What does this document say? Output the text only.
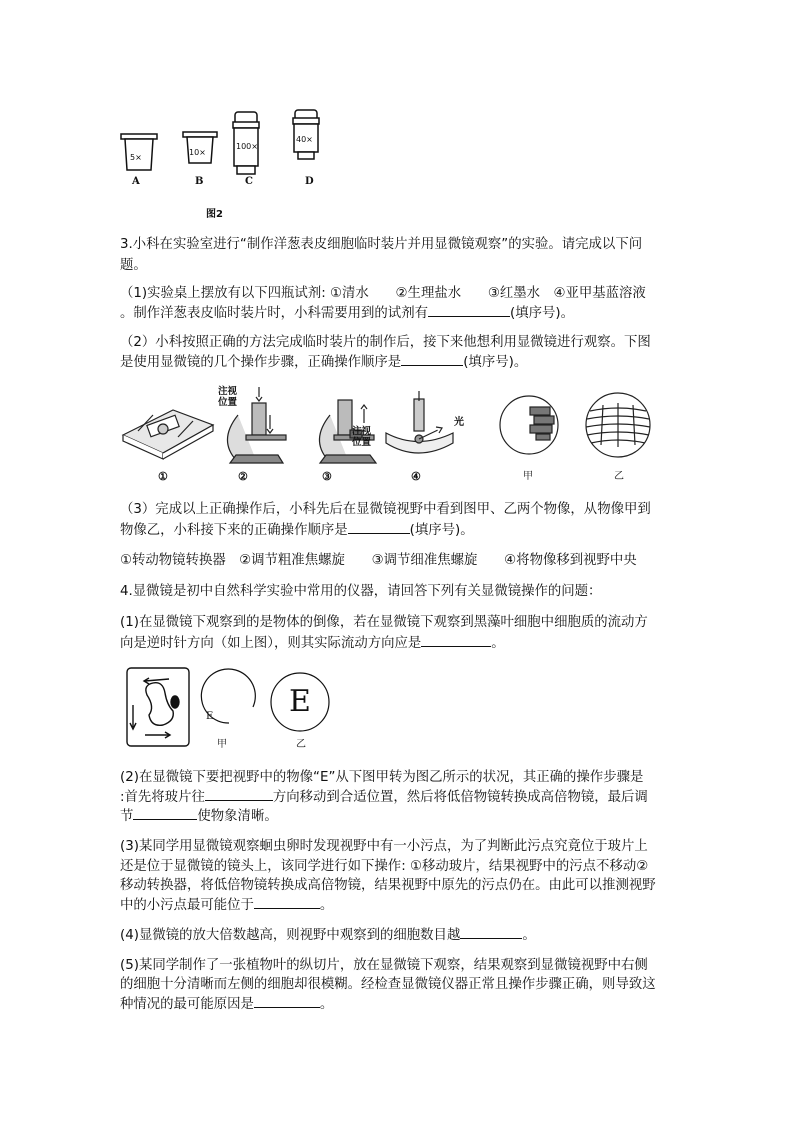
5×
10×
100×
40×
A	B	C	D
图2
3.小科在实验室进行“制作洋葱表皮细胞临时装片并用显微镜观察”的实验。请完成以下问
题。
（1)实验桌上摆放有以下四瓶试剂: ①清水　　②生理盐水　　③红墨水　④亚甲基蓝溶液
。制作洋葱表皮临时装片时，小科需要用到的试剂有	(填序号)。
（2）小科按照正确的方法完成临时装片的制作后，接下来他想利用显微镜进行观察。下图
是使用显微镜的几个操作步骤，正确操作顺序是	(填序号)。
注视
位置
注视
位置
光
①	②	③	④	甲	乙
（3）完成以上正确操作后，小科先后在显微镜视野中看到图甲、乙两个物像，从物像甲到
物像乙，小科接下来的正确操作顺序是	(填序号)。
①转动物镜转换器　②调节粗准焦螺旋　　③调节细准焦螺旋　　④将物像移到视野中央
4.显微镜是初中自然科学实验中常用的仪器，请回答下列有关显微镜操作的问题：
(1)在显微镜下观察到的是物体的倒像，若在显微镜下观察到黑藻叶细胞中细胞质的流动方
向是逆时针方向（如上图），则其实际流动方向应是	。
E	E
甲	乙
(2)在显微镜下要把视野中的物像“E”从下图甲转为图乙所示的状况，其正确的操作步骤是
:首先将玻片往	方向移动到合适位置，然后将低倍物镜转换成高倍物镜，最后调
节	使物象清晰。
(3)某同学用显微镜观察蛔虫卵时发现视野中有一小污点，为了判断此污点究竟位于玻片上
还是位于显微镜的镜头上，该同学进行如下操作: ①移动玻片，结果视野中的污点不移动②
移动转换器，将低倍物镜转换成高倍物镜，结果视野中原先的污点仍在。由此可以推测视野
中的小污点最可能位于	。
(4)显微镜的放大倍数越高，则视野中观察到的细胞数目越	。
(5)某同学制作了一张植物叶的纵切片，放在显微镜下观察，结果观察到显微镜视野中右侧
的细胞十分清晰而左侧的细胞却很模糊。经检查显微镜仪器正常且操作步骤正确，则导致这
种情况的最可能原因是	。
